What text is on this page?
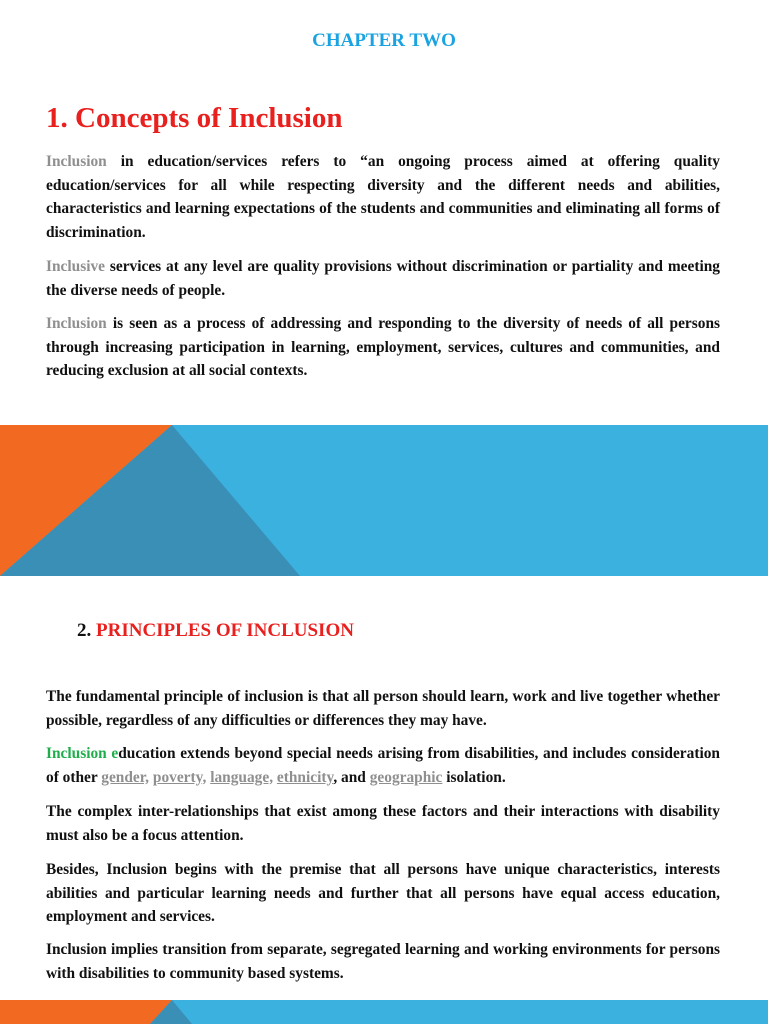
CHAPTER TWO
1. Concepts of Inclusion

Inclusion in education/services refers to “an ongoing process aimed at offering quality education/services for all while respecting diversity and the different needs and abilities, characteristics and learning expectations of the students and communities and eliminating all forms of discrimination.

Inclusive services at any level are quality provisions without discrimination or partiality and meeting the diverse needs of people.

Inclusion is seen as a process of addressing and responding to the diversity of needs of all persons through increasing participation in learning, employment, services, cultures and communities, and reducing exclusion at all social contexts.

2. PRINCIPLES OF INCLUSION

The fundamental principle of inclusion is that all person should learn, work and live together whether possible, regardless of any difficulties or differences they may have.

Inclusion education extends beyond special needs arising from disabilities, and includes consideration of other gender, poverty, language, ethnicity, and geographic isolation.

The complex inter-relationships that exist among these factors and their interactions with disability must also be a focus attention.

Besides, Inclusion begins with the premise that all persons have unique characteristics, interests abilities and particular learning needs and further that all persons have equal access education, employment and services.

Inclusion implies transition from separate, segregated learning and working environments for persons with disabilities to community based systems.
